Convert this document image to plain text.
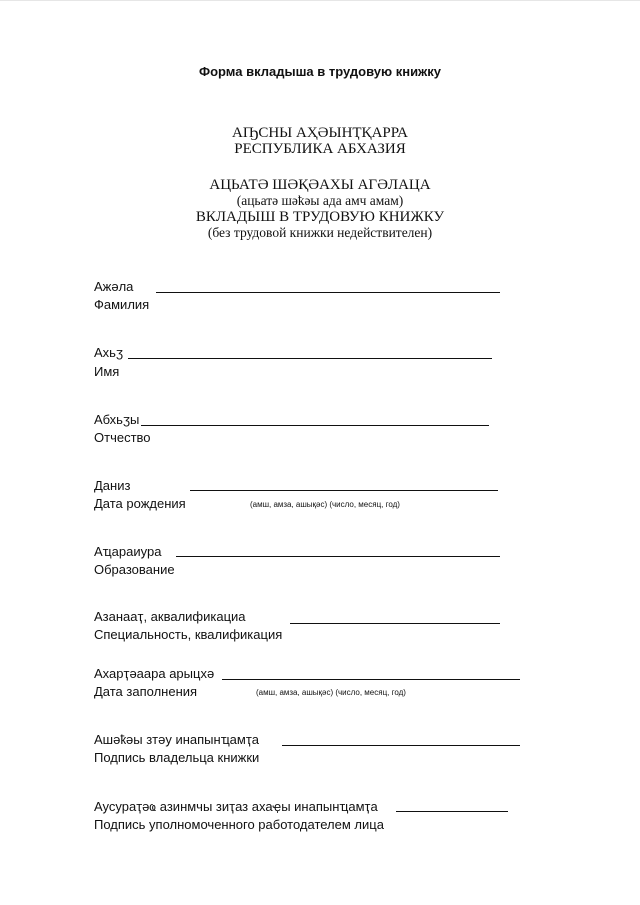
Форма вкладыша в трудовую книжку
АҦСНЫ АҲӘЫНҬҚАРРА
РЕСПУБЛИКА АБХАЗИЯ
АЦЬАТӘ ШӘҚӘАХЫ АГӘЛАЦА
(ацьатә шәҟәы ада амч амам)
ВКЛАДЫШ В ТРУДОВУЮ КНИЖКУ
(без трудовой книжки недействителен)
Ажәла
Фамилия
Ахьӡ
Имя
Абхьӡы
Отчество
Даниз
Дата рождения	(амш, амза, ашықәс) (число, месяц, год)
Аҵараиура
Образование
Азанааҭ, аквалификациа
Специальность, квалификация
Ахарҭәаара арыцхә
Дата заполнения	(амш, амза, ашықәс) (число, месяц, год)
Ашәҟәы зтәу инапынҵамҭа
Подпись владельца книжки
Аусураҭәҩ азинмчы зиҭаз ахаҿы инапынҵамҭа
Подпись уполномоченного работодателем лица
